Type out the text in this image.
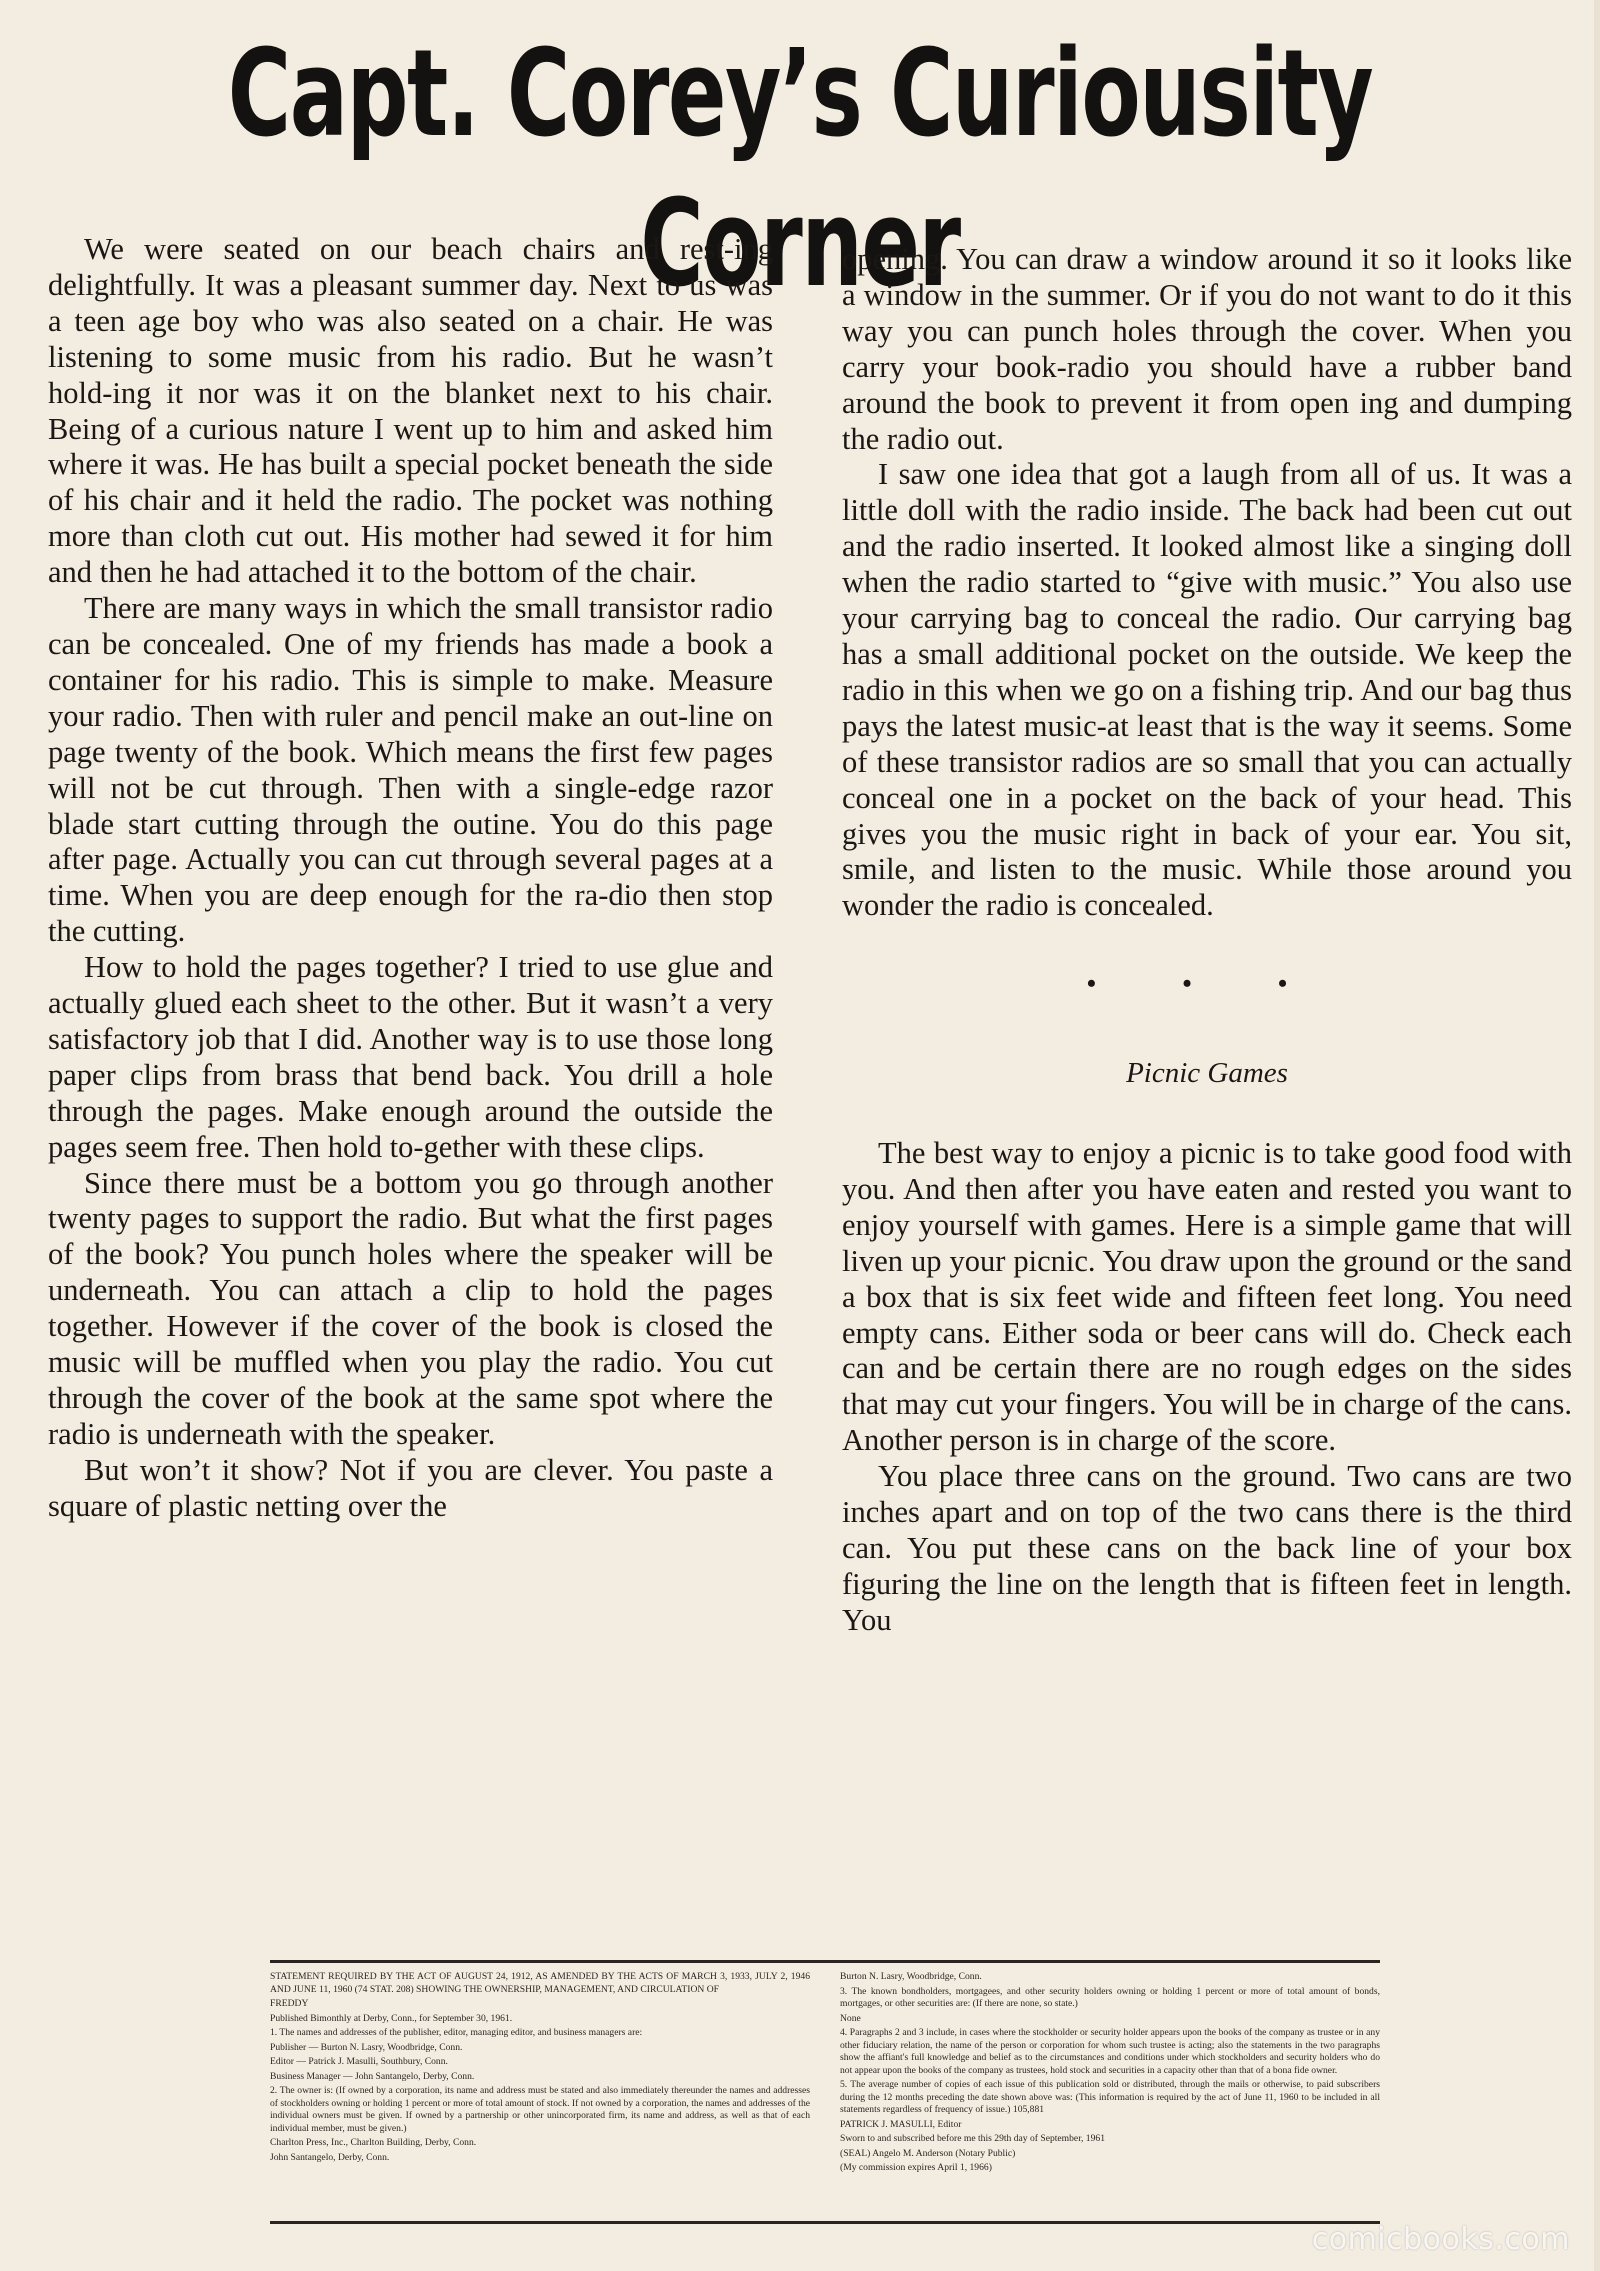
Capt. Corey’s Curiousity Corner

We were seated on our beach chairs and rest-ing delightfully. It was a pleasant summer day. Next to us was a teen age boy who was also seated on a chair. He was listening to some music from his radio. But he wasn’t hold-ing it nor was it on the blanket next to his chair. Being of a curious nature I went up to him and asked him where it was. He has built a special pocket beneath the side of his chair and it held the radio. The pocket was nothing more than cloth cut out. His mother had sewed it for him and then he had attached it to the bottom of the chair.

There are many ways in which the small transistor radio can be concealed. One of my friends has made a book a container for his radio. This is simple to make. Measure your radio. Then with ruler and pencil make an out-line on page twenty of the book. Which means the first few pages will not be cut through. Then with a single-edge razor blade start cutting through the outine. You do this page after page. Actually you can cut through several pages at a time. When you are deep enough for the ra-dio then stop the cutting.

How to hold the pages together? I tried to use glue and actually glued each sheet to the other. But it wasn’t a very satisfactory job that I did. Another way is to use those long paper clips from brass that bend back. You drill a hole through the pages. Make enough around the outside the pages seem free. Then hold to-gether with these clips.

Since there must be a bottom you go through another twenty pages to support the radio. But what the first pages of the book? You punch holes where the speaker will be underneath. You can attach a clip to hold the pages together. However if the cover of the book is closed the music will be muffled when you play the radio. You cut through the cover of the book at the same spot where the radio is underneath with the speaker.

But won’t it show? Not if you are clever. You paste a square of plastic netting over the

opening. You can draw a window around it so it looks like a window in the summer. Or if you do not want to do it this way you can punch holes through the cover. When you carry your book-radio you should have a rubber band around the book to prevent it from open ing and dumping the radio out.

I saw one idea that got a laugh from all of us. It was a little doll with the radio inside. The back had been cut out and the radio inserted. It looked almost like a singing doll when the radio started to “give with music.” You also use your carrying bag to conceal the radio. Our carrying bag has a small additional pocket on the outside. We keep the radio in this when we go on a fishing trip. And our bag thus pays the latest music-at least that is the way it seems. Some of these transistor radios are so small that you can actually conceal one in a pocket on the back of your head. This gives you the music right in back of your ear. You sit, smile, and listen to the music. While those around you wonder the radio is concealed.

• • •
Picnic Games

The best way to enjoy a picnic is to take good food with you. And then after you have eaten and rested you want to enjoy yourself with games. Here is a simple game that will liven up your picnic. You draw upon the ground or the sand a box that is six feet wide and fifteen feet long. You need empty cans. Either soda or beer cans will do. Check each can and be certain there are no rough edges on the sides that may cut your fingers. You will be in charge of the cans. Another person is in charge of the score.

You place three cans on the ground. Two cans are two inches apart and on top of the two cans there is the third can. You put these cans on the back line of your box figuring the line on the length that is fifteen feet in length. You

STATEMENT REQUIRED BY THE ACT OF AUGUST 24, 1912, AS AMENDED BY THE ACTS OF MARCH 3, 1933, JULY 2, 1946 AND JUNE 11, 1960 (74 STAT. 208) SHOWING THE OWNERSHIP, MANAGEMENT, AND CIRCULATION OF

FREDDY

Published Bimonthly at Derby, Conn., for September 30, 1961.

1. The names and addresses of the publisher, editor, managing editor, and business managers are:

Publisher — Burton N. Lasry, Woodbridge, Conn.

Editor — Patrick J. Masulli, Southbury, Conn.

Business Manager — John Santangelo, Derby, Conn.

2. The owner is: (If owned by a corporation, its name and address must be stated and also immediately thereunder the names and addresses of stockholders owning or holding 1 percent or more of total amount of stock. If not owned by a corporation, the names and addresses of the individual owners must be given. If owned by a partnership or other unincorporated firm, its name and address, as well as that of each individual member, must be given.)

Charlton Press, Inc., Charlton Building, Derby, Conn.

John Santangelo, Derby, Conn.

Burton N. Lasry, Woodbridge, Conn.

3. The known bondholders, mortgagees, and other security holders owning or holding 1 percent or more of total amount of bonds, mortgages, or other securities are: (If there are none, so state.)

None

4. Paragraphs 2 and 3 include, in cases where the stockholder or security holder appears upon the books of the company as trustee or in any other fiduciary relation, the name of the person or corporation for whom such trustee is acting; also the statements in the two paragraphs show the affiant's full knowledge and belief as to the circumstances and conditions under which stockholders and security holders who do not appear upon the books of the company as trustees, hold stock and securities in a capacity other than that of a bona fide owner.

5. The average number of copies of each issue of this publication sold or distributed, through the mails or otherwise, to paid subscribers during the 12 months preceding the date shown above was: (This information is required by the act of June 11, 1960 to be included in all statements regardless of frequency of issue.) 105,881

PATRICK J. MASULLI, Editor

Sworn to and subscribed before me this 29th day of September, 1961

(SEAL) Angelo M. Anderson (Notary Public)

(My commission expires April 1, 1966)

comicbooks.com
